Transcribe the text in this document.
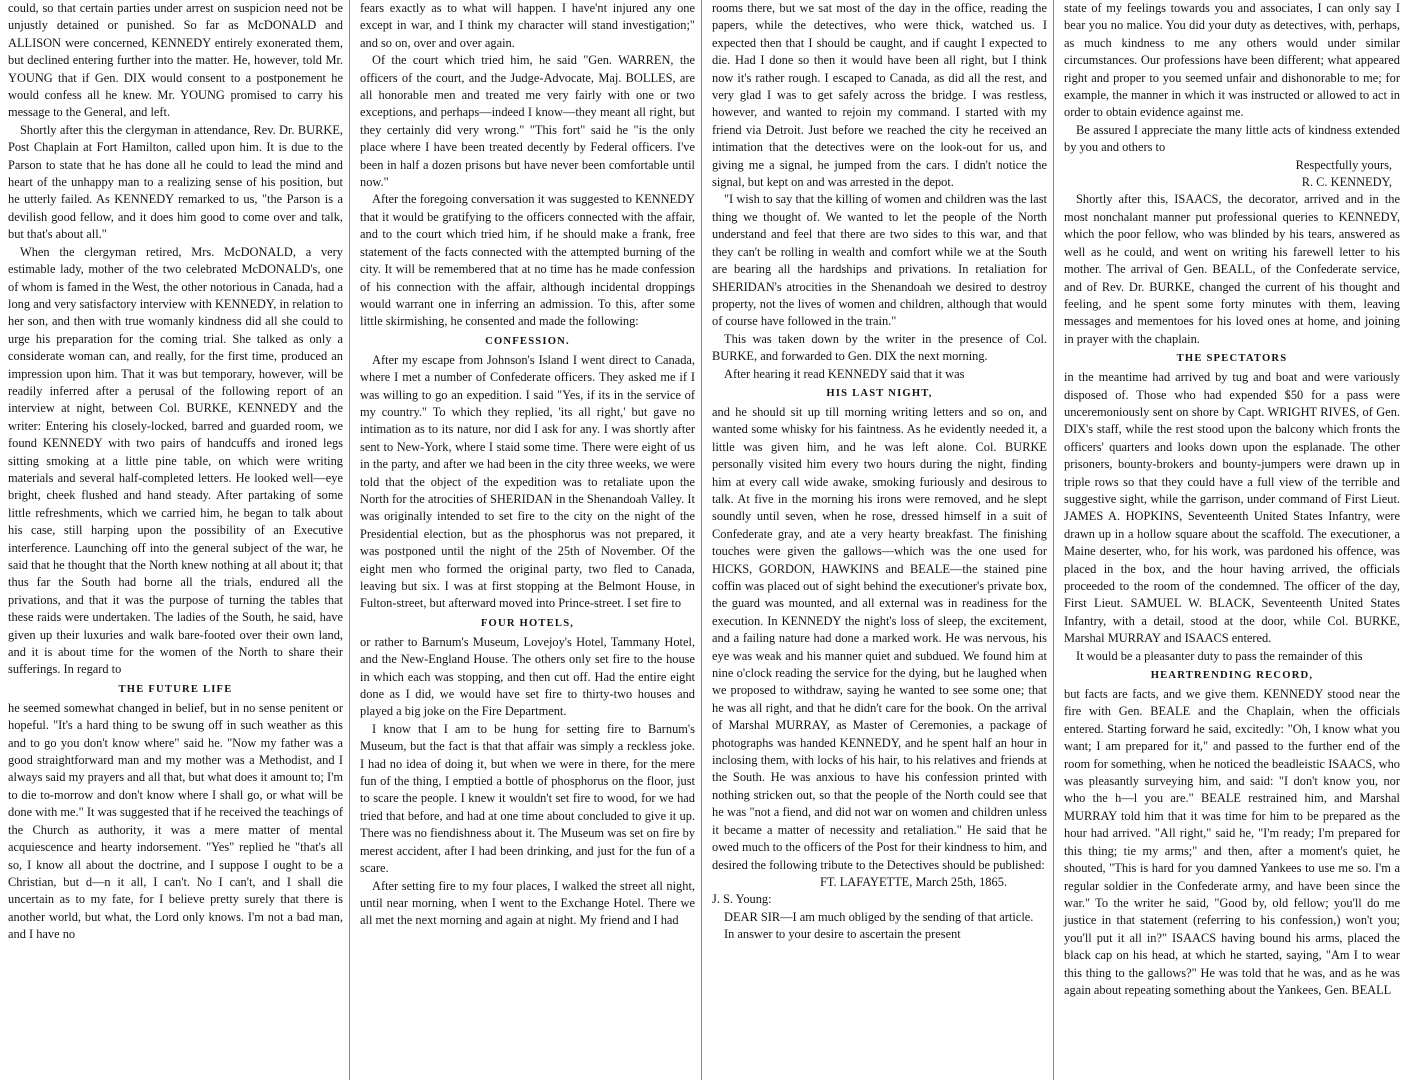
could, so that certain parties under arrest on suspicion need not be unjustly detained or punished. So far as McDONALD and ALLISON were concerned, KENNEDY entirely exonerated them, but declined entering further into the matter. He, however, told Mr. YOUNG that if Gen. DIX would consent to a postponement he would confess all he knew. Mr. YOUNG promised to carry his message to the General, and left.

Shortly after this the clergyman in attendance, Rev. Dr. BURKE, Post Chaplain at Fort Hamilton, called upon him. It is due to the Parson to state that he has done all he could to lead the mind and heart of the unhappy man to a realizing sense of his position, but he utterly failed. As KENNEDY remarked to us, "the Parson is a devilish good fellow, and it does him good to come over and talk, but that's about all."

When the clergyman retired, Mrs. McDONALD, a very estimable lady, mother of the two celebrated McDONALD's, one of whom is famed in the West, the other notorious in Canada, had a long and very satisfactory interview with KENNEDY, in relation to her son, and then with true womanly kindness did all she could to urge his preparation for the coming trial. She talked as only a considerate woman can, and really, for the first time, produced an impression upon him. That it was but temporary, however, will be readily inferred after a perusal of the following report of an interview at night, between Col. BURKE, KENNEDY and the writer: Entering his closely-locked, barred and guarded room, we found KENNEDY with two pairs of handcuffs and ironed legs sitting smoking at a little pine table, on which were writing materials and several half-completed letters. He looked well—eye bright, cheek flushed and hand steady. After partaking of some little refreshments, which we carried him, he began to talk about his case, still harping upon the possibility of an Executive interference. Launching off into the general subject of the war, he said that he thought that the North knew nothing at all about it; that thus far the South had borne all the trials, endured all the privations, and that it was the purpose of turning the tables that these raids were undertaken. The ladies of the South, he said, have given up their luxuries and walk bare-footed over their own land, and it is about time for the women of the North to share their sufferings. In regard to

THE FUTURE LIFE

he seemed somewhat changed in belief, but in no sense penitent or hopeful. "It's a hard thing to be swung off in such weather as this and to go you don't know where" said he. "Now my father was a good straightforward man and my mother was a Methodist, and I always said my prayers and all that, but what does it amount to; I'm to die to-morrow and don't know where I shall go, or what will be done with me." It was suggested that if he received the teachings of the Church as authority, it was a mere matter of mental acquiescence and hearty indorsement. "Yes" replied he "that's all so, I know all about the doctrine, and I suppose I ought to be a Christian, but d—n it all, I can't. No I can't, and I shall die uncertain as to my fate, for I believe pretty surely that there is another world, but what, the Lord only knows. I'm not a bad man, and I have no

fears exactly as to what will happen. I have'nt injured any one except in war, and I think my character will stand investigation;" and so on, over and over again.

Of the court which tried him, he said "Gen. WARREN, the officers of the court, and the Judge-Advocate, Maj. BOLLES, are all honorable men and treated me very fairly with one or two exceptions, and perhaps—indeed I know—they meant all right, but they certainly did very wrong." "This fort" said he "is the only place where I have been treated decently by Federal officers. I've been in half a dozen prisons but have never been comfortable until now."

After the foregoing conversation it was suggested to KENNEDY that it would be gratifying to the officers connected with the affair, and to the court which tried him, if he should make a frank, free statement of the facts connected with the attempted burning of the city. It will be remembered that at no time has he made confession of his connection with the affair, although incidental droppings would warrant one in inferring an admission. To this, after some little skirmishing, he consented and made the following:

CONFESSION.

After my escape from Johnson's Island I went direct to Canada, where I met a number of Confederate officers. They asked me if I was willing to go an expedition. I said "Yes, if its in the service of my country." To which they replied, 'its all right,' but gave no intimation as to its nature, nor did I ask for any. I was shortly after sent to New-York, where I staid some time. There were eight of us in the party, and after we had been in the city three weeks, we were told that the object of the expedition was to retaliate upon the North for the atrocities of SHERIDAN in the Shenandoah Valley. It was originally intended to set fire to the city on the night of the Presidential election, but as the phosphorus was not prepared, it was postponed until the night of the 25th of November. Of the eight men who formed the original party, two fled to Canada, leaving but six. I was at first stopping at the Belmont House, in Fulton-street, but afterward moved into Prince-street. I set fire to

FOUR HOTELS,

or rather to Barnum's Museum, Lovejoy's Hotel, Tammany Hotel, and the New-England House. The others only set fire to the house in which each was stopping, and then cut off. Had the entire eight done as I did, we would have set fire to thirty-two houses and played a big joke on the Fire Department.

I know that I am to be hung for setting fire to Barnum's Museum, but the fact is that that affair was simply a reckless joke. I had no idea of doing it, but when we were in there, for the mere fun of the thing, I emptied a bottle of phosphorus on the floor, just to scare the people. I knew it wouldn't set fire to wood, for we had tried that before, and had at one time about concluded to give it up. There was no fiendishness about it. The Museum was set on fire by merest accident, after I had been drinking, and just for the fun of a scare.

After setting fire to my four places, I walked the street all night, until near morning, when I went to the Exchange Hotel. There we all met the next morning and again at night. My friend and I had

rooms there, but we sat most of the day in the office, reading the papers, while the detectives, who were thick, watched us. I expected then that I should be caught, and if caught I expected to die. Had I done so then it would have been all right, but I think now it's rather rough. I escaped to Canada, as did all the rest, and very glad I was to get safely across the bridge. I was restless, however, and wanted to rejoin my command. I started with my friend via Detroit. Just before we reached the city he received an intimation that the detectives were on the look-out for us, and giving me a signal, he jumped from the cars. I didn't notice the signal, but kept on and was arrested in the depot.

"I wish to say that the killing of women and children was the last thing we thought of. We wanted to let the people of the North understand and feel that there are two sides to this war, and that they can't be rolling in wealth and comfort while we at the South are bearing all the hardships and privations. In retaliation for SHERIDAN's atrocities in the Shenandoah we desired to destroy property, not the lives of women and children, although that would of course have followed in the train."

This was taken down by the writer in the presence of Col. BURKE, and forwarded to Gen. DIX the next morning.

After hearing it read KENNEDY said that it was

HIS LAST NIGHT,

and he should sit up till morning writing letters and so on, and wanted some whisky for his faintness. As he evidently needed it, a little was given him, and he was left alone. Col. BURKE personally visited him every two hours during the night, finding him at every call wide awake, smoking furiously and desirous to talk. At five in the morning his irons were removed, and he slept soundly until seven, when he rose, dressed himself in a suit of Confederate gray, and ate a very hearty breakfast. The finishing touches were given the gallows—which was the one used for HICKS, GORDON, HAWKINS and BEALE—the stained pine coffin was placed out of sight behind the executioner's private box, the guard was mounted, and all external was in readiness for the execution. In KENNEDY the night's loss of sleep, the excitement, and a failing nature had done a marked work. He was nervous, his eye was weak and his manner quiet and subdued. We found him at nine o'clock reading the service for the dying, but he laughed when we proposed to withdraw, saying he wanted to see some one; that he was all right, and that he didn't care for the book. On the arrival of Marshal MURRAY, as Master of Ceremonies, a package of photographs was handed KENNEDY, and he spent half an hour in inclosing them, with locks of his hair, to his relatives and friends at the South. He was anxious to have his confession printed with nothing stricken out, so that the people of the North could see that he was "not a fiend, and did not war on women and children unless it became a matter of necessity and retaliation." He said that he owed much to the officers of the Post for their kindness to him, and desired the following tribute to the Detectives should be published:

FT. LAFAYETTE, March 25th, 1865.

J. S. Young:

DEAR SIR—I am much obliged by the sending of that article.

In answer to your desire to ascertain the present

state of my feelings towards you and associates, I can only say I bear you no malice. You did your duty as detectives, with, perhaps, as much kindness to me any others would under similar circumstances. Our professions have been different; what appeared right and proper to you seemed unfair and dishonorable to me; for example, the manner in which it was instructed or allowed to act in order to obtain evidence against me.

Be assured I appreciate the many little acts of kindness extended by you and others to

Respectfully yours,

R. C. KENNEDY,

Shortly after this, ISAACS, the decorator, arrived and in the most nonchalant manner put professional queries to KENNEDY, which the poor fellow, who was blinded by his tears, answered as well as he could, and went on writing his farewell letter to his mother. The arrival of Gen. BEALL, of the Confederate service, and of Rev. Dr. BURKE, changed the current of his thought and feeling, and he spent some forty minutes with them, leaving messages and mementoes for his loved ones at home, and joining in prayer with the chaplain.

THE SPECTATORS

in the meantime had arrived by tug and boat and were variously disposed of. Those who had expended $50 for a pass were unceremoniously sent on shore by Capt. WRIGHT RIVES, of Gen. DIX's staff, while the rest stood upon the balcony which fronts the officers' quarters and looks down upon the esplanade. The other prisoners, bounty-brokers and bounty-jumpers were drawn up in triple rows so that they could have a full view of the terrible and suggestive sight, while the garrison, under command of First Lieut. JAMES A. HOPKINS, Seventeenth United States Infantry, were drawn up in a hollow square about the scaffold. The executioner, a Maine deserter, who, for his work, was pardoned his offence, was placed in the box, and the hour having arrived, the officials proceeded to the room of the condemned. The officer of the day, First Lieut. SAMUEL W. BLACK, Seventeenth United States Infantry, with a detail, stood at the door, while Col. BURKE, Marshal MURRAY and ISAACS entered.

It would be a pleasanter duty to pass the remainder of this

HEARTRENDING RECORD,

but facts are facts, and we give them. KENNEDY stood near the fire with Gen. BEALE and the Chaplain, when the officials entered. Starting forward he said, excitedly: "Oh, I know what you want; I am prepared for it," and passed to the further end of the room for something, when he noticed the beadleistic ISAACS, who was pleasantly surveying him, and said: "I don't know you, nor who the h—l you are." BEALE restrained him, and Marshal MURRAY told him that it was time for him to be prepared as the hour had arrived. "All right," said he, "I'm ready; I'm prepared for this thing; tie my arms;" and then, after a moment's quiet, he shouted, "This is hard for you damned Yankees to use me so. I'm a regular soldier in the Confederate army, and have been since the war." To the writer he said, "Good by, old fellow; you'll do me justice in that statement (referring to his confession,) won't you; you'll put it all in?" ISAACS having bound his arms, placed the black cap on his head, at which he started, saying, "Am I to wear this thing to the gallows?" He was told that he was, and as he was again about repeating something about the Yankees, Gen. BEALL
